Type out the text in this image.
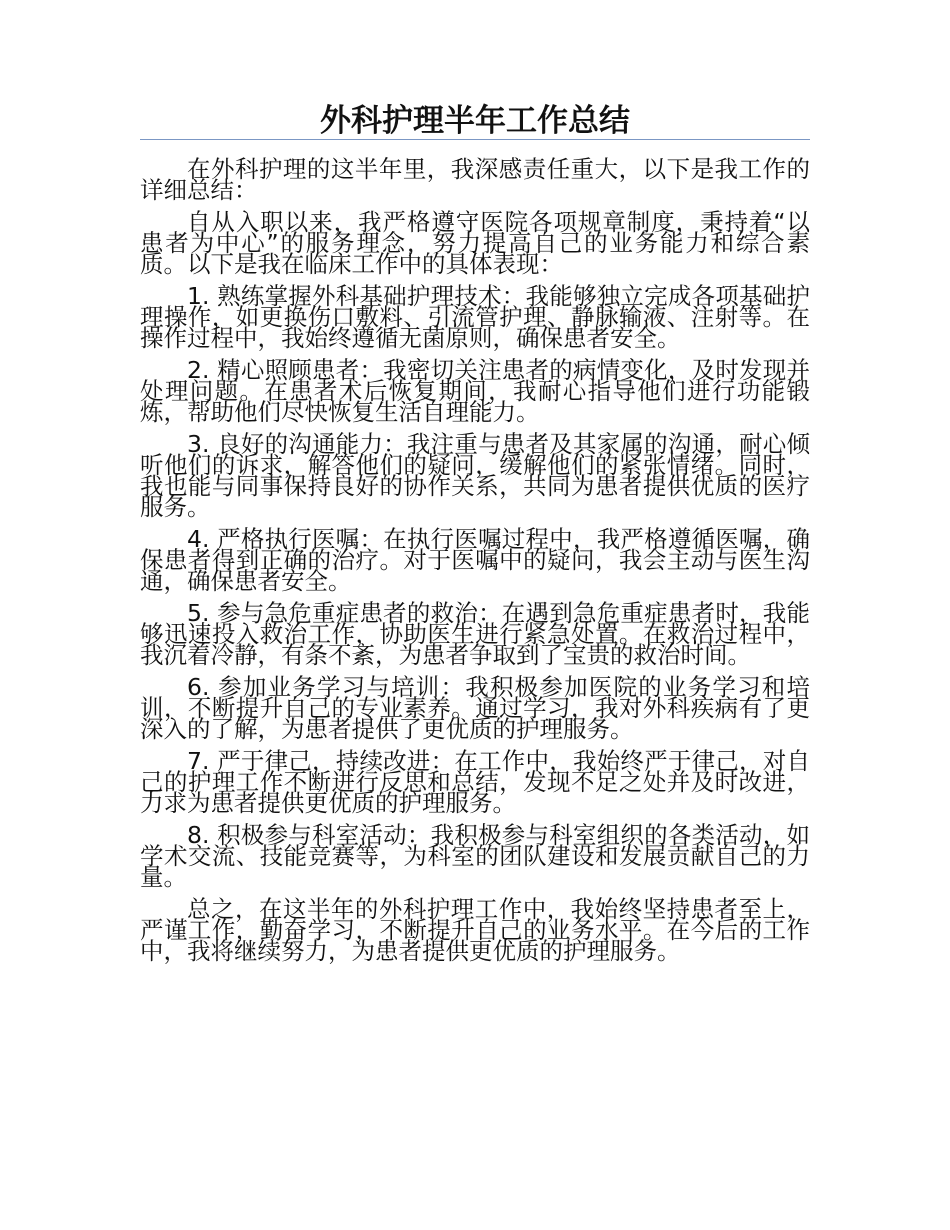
外科护理半年工作总结

在外科护理的这半年里，我深感责任重大，以下是我工作的详细总结：

自从入职以来，我严格遵守医院各项规章制度，秉持着“以患者为中心”的服务理念，努力提高自己的业务能力和综合素质。以下是我在临床工作中的具体表现：

1. 熟练掌握外科基础护理技术：我能够独立完成各项基础护理操作，如更换伤口敷料、引流管护理、静脉输液、注射等。在操作过程中，我始终遵循无菌原则，确保患者安全。

2. 精心照顾患者：我密切关注患者的病情变化，及时发现并处理问题。在患者术后恢复期间，我耐心指导他们进行功能锻炼，帮助他们尽快恢复生活自理能力。

3. 良好的沟通能力：我注重与患者及其家属的沟通，耐心倾听他们的诉求，解答他们的疑问，缓解他们的紧张情绪。同时，我也能与同事保持良好的协作关系，共同为患者提供优质的医疗服务。

4. 严格执行医嘱：在执行医嘱过程中，我严格遵循医嘱，确保患者得到正确的治疗。对于医嘱中的疑问，我会主动与医生沟通，确保患者安全。

5. 参与急危重症患者的救治：在遇到急危重症患者时，我能够迅速投入救治工作，协助医生进行紧急处置。在救治过程中，我沉着冷静，有条不紊，为患者争取到了宝贵的救治时间。

6. 参加业务学习与培训：我积极参加医院的业务学习和培训，不断提升自己的专业素养。通过学习，我对外科疾病有了更深入的了解，为患者提供了更优质的护理服务。

7. 严于律己，持续改进：在工作中，我始终严于律己，对自己的护理工作不断进行反思和总结，发现不足之处并及时改进，力求为患者提供更优质的护理服务。

8. 积极参与科室活动：我积极参与科室组织的各类活动，如学术交流、技能竞赛等，为科室的团队建设和发展贡献自己的力量。

总之，在这半年的外科护理工作中，我始终坚持患者至上，严谨工作，勤奋学习，不断提升自己的业务水平。在今后的工作中，我将继续努力，为患者提供更优质的护理服务。
